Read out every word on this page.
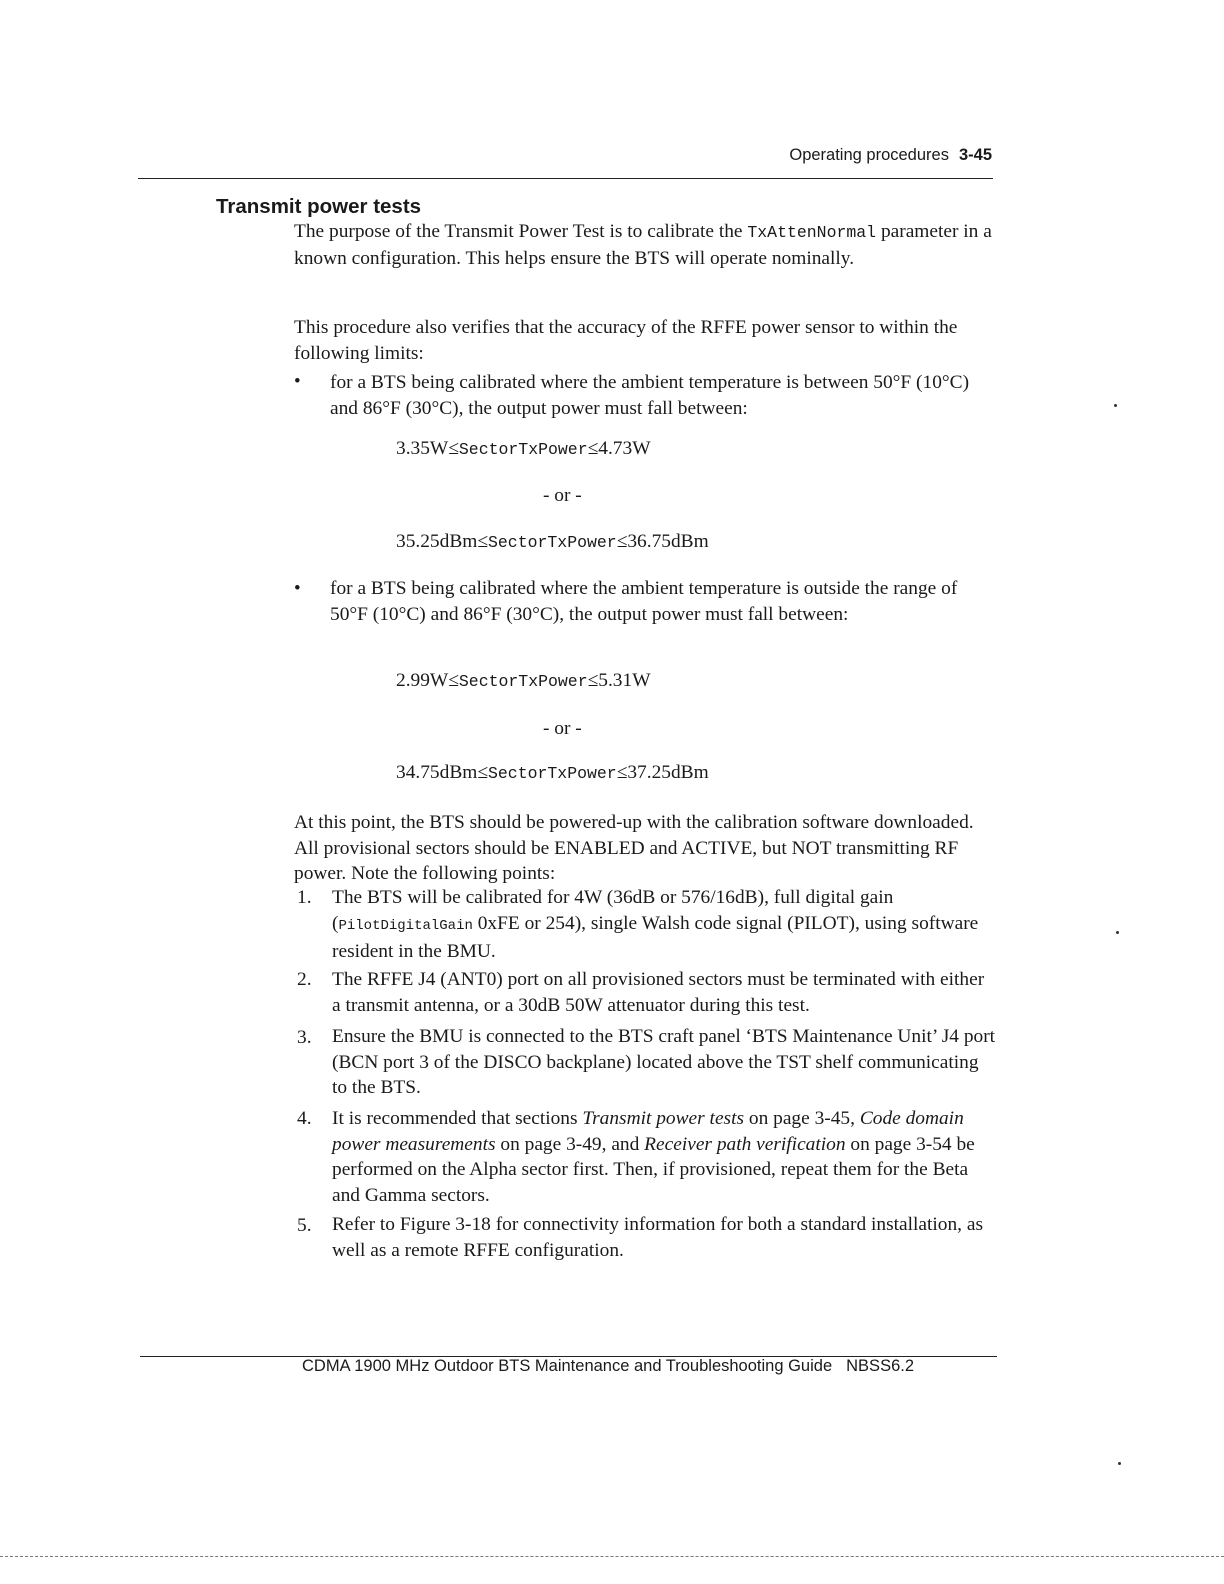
Operating procedures 3-45
Transmit power tests
The purpose of the Transmit Power Test is to calibrate the TxAttenNormal parameter in a known configuration. This helps ensure the BTS will operate nominally.
This procedure also verifies that the accuracy of the RFFE power sensor to within the following limits:
• for a BTS being calibrated where the ambient temperature is between 50°F (10°C) and 86°F (30°C), the output power must fall between:
3.35W≤SectorTxPower≤4.73W
- or -
35.25dBm≤SectorTxPower≤36.75dBm
• for a BTS being calibrated where the ambient temperature is outside the range of 50°F (10°C) and 86°F (30°C), the output power must fall between:
2.99W≤SectorTxPower≤5.31W
- or -
34.75dBm≤SectorTxPower≤37.25dBm
At this point, the BTS should be powered-up with the calibration software downloaded. All provisional sectors should be ENABLED and ACTIVE, but NOT transmitting RF power. Note the following points:
1. The BTS will be calibrated for 4W (36dB or 576/16dB), full digital gain (PilotDigitalGain 0xFE or 254), single Walsh code signal (PILOT), using software resident in the BMU.
2. The RFFE J4 (ANT0) port on all provisioned sectors must be terminated with either a transmit antenna, or a 30dB 50W attenuator during this test.
3. Ensure the BMU is connected to the BTS craft panel ‘BTS Maintenance Unit’ J4 port (BCN port 3 of the DISCO backplane) located above the TST shelf communicating to the BTS.
4. It is recommended that sections Transmit power tests on page 3-45, Code domain power measurements on page 3-49, and Receiver path verification on page 3-54 be performed on the Alpha sector first. Then, if provisioned, repeat them for the Beta and Gamma sectors.
5. Refer to Figure 3-18 for connectivity information for both a standard installation, as well as a remote RFFE configuration.
CDMA 1900 MHz Outdoor BTS Maintenance and Troubleshooting Guide NBSS6.2
